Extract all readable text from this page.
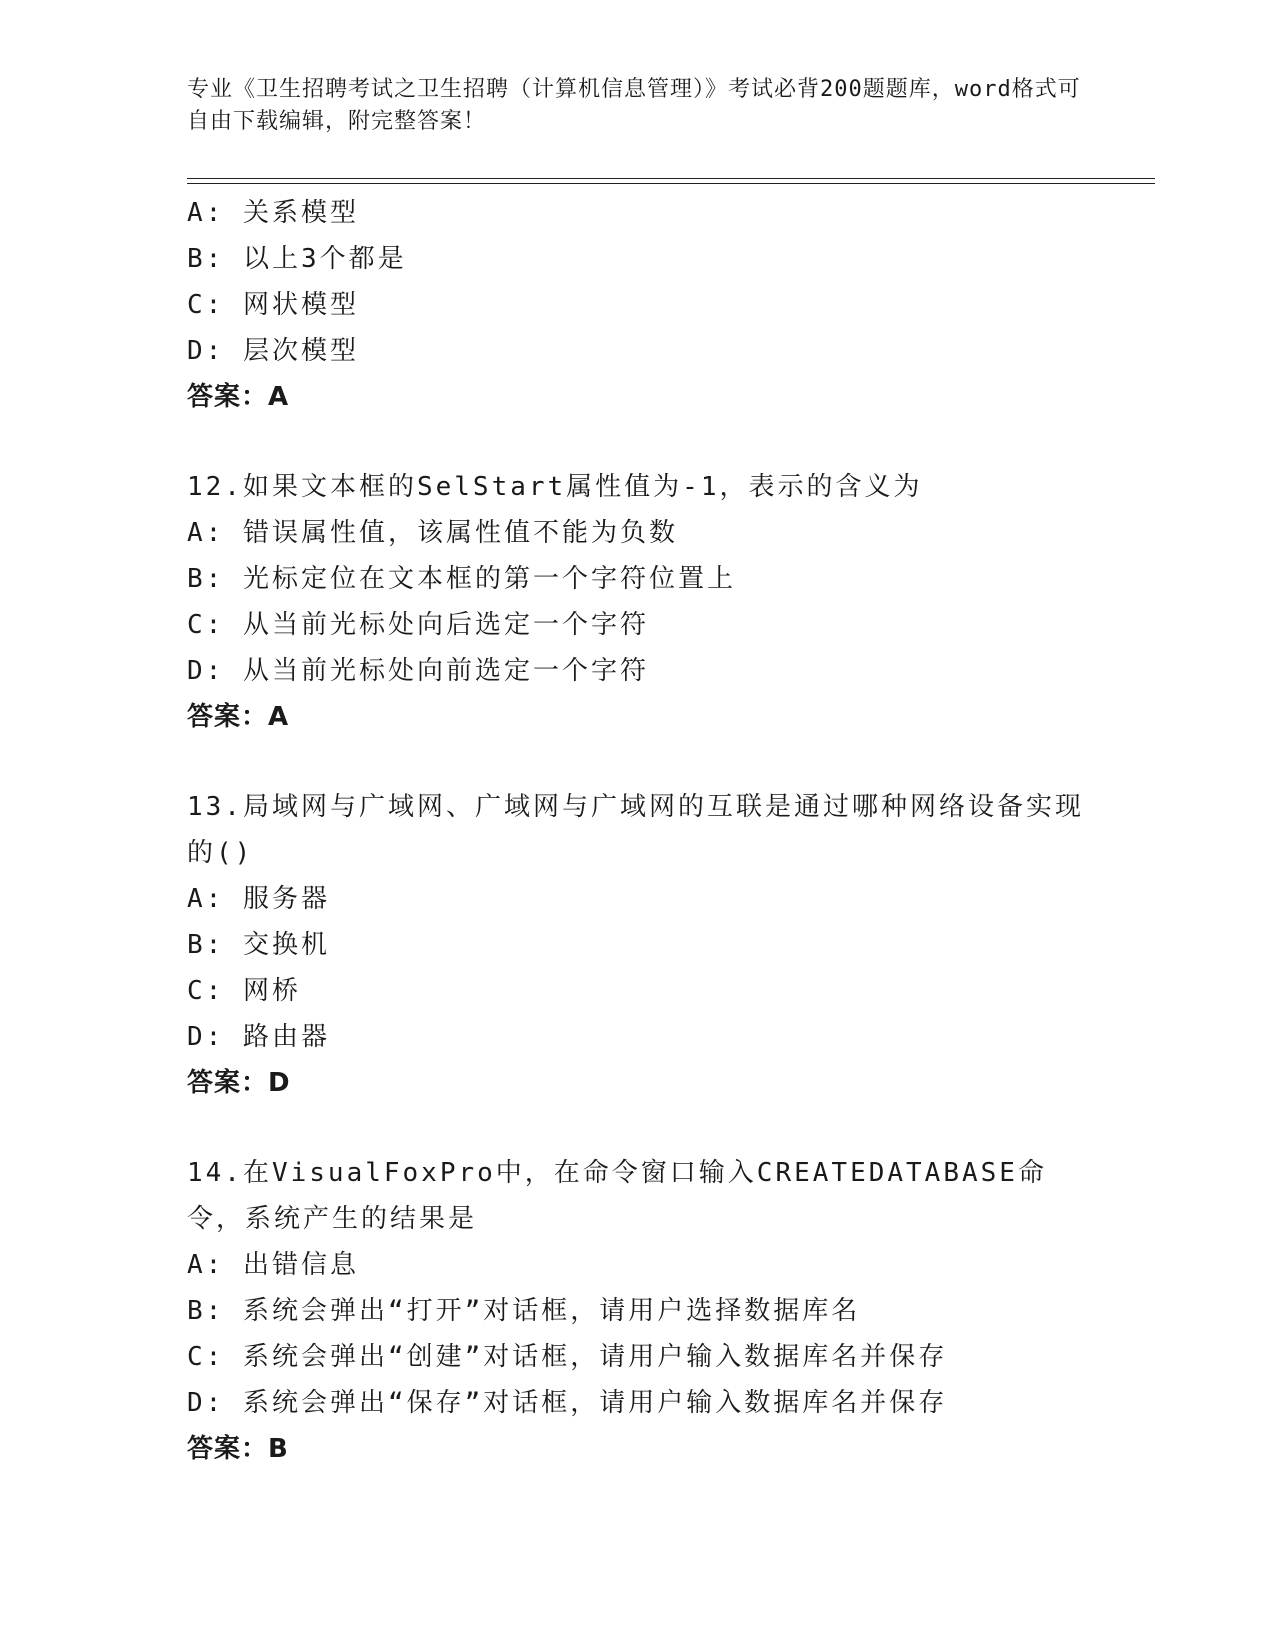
专业《卫生招聘考试之卫生招聘（计算机信息管理）》考试必背200题题库，word格式可自由下载编辑，附完整答案！
A: 关系模型
B: 以上3个都是
C: 网状模型
D: 层次模型
答案：A
12.如果文本框的SelStart属性值为-1，表示的含义为
A: 错误属性值，该属性值不能为负数
B: 光标定位在文本框的第一个字符位置上
C: 从当前光标处向后选定一个字符
D: 从当前光标处向前选定一个字符
答案：A
13.局域网与广域网、广域网与广域网的互联是通过哪种网络设备实现的()
A: 服务器
B: 交换机
C: 网桥
D: 路由器
答案：D
14.在VisualFoxPro中，在命令窗口输入CREATEDATABASE命令，系统产生的结果是
A: 出错信息
B: 系统会弹出“打开”对话框，请用户选择数据库名
C: 系统会弹出“创建”对话框，请用户输入数据库名并保存
D: 系统会弹出“保存”对话框，请用户输入数据库名并保存
答案：B
